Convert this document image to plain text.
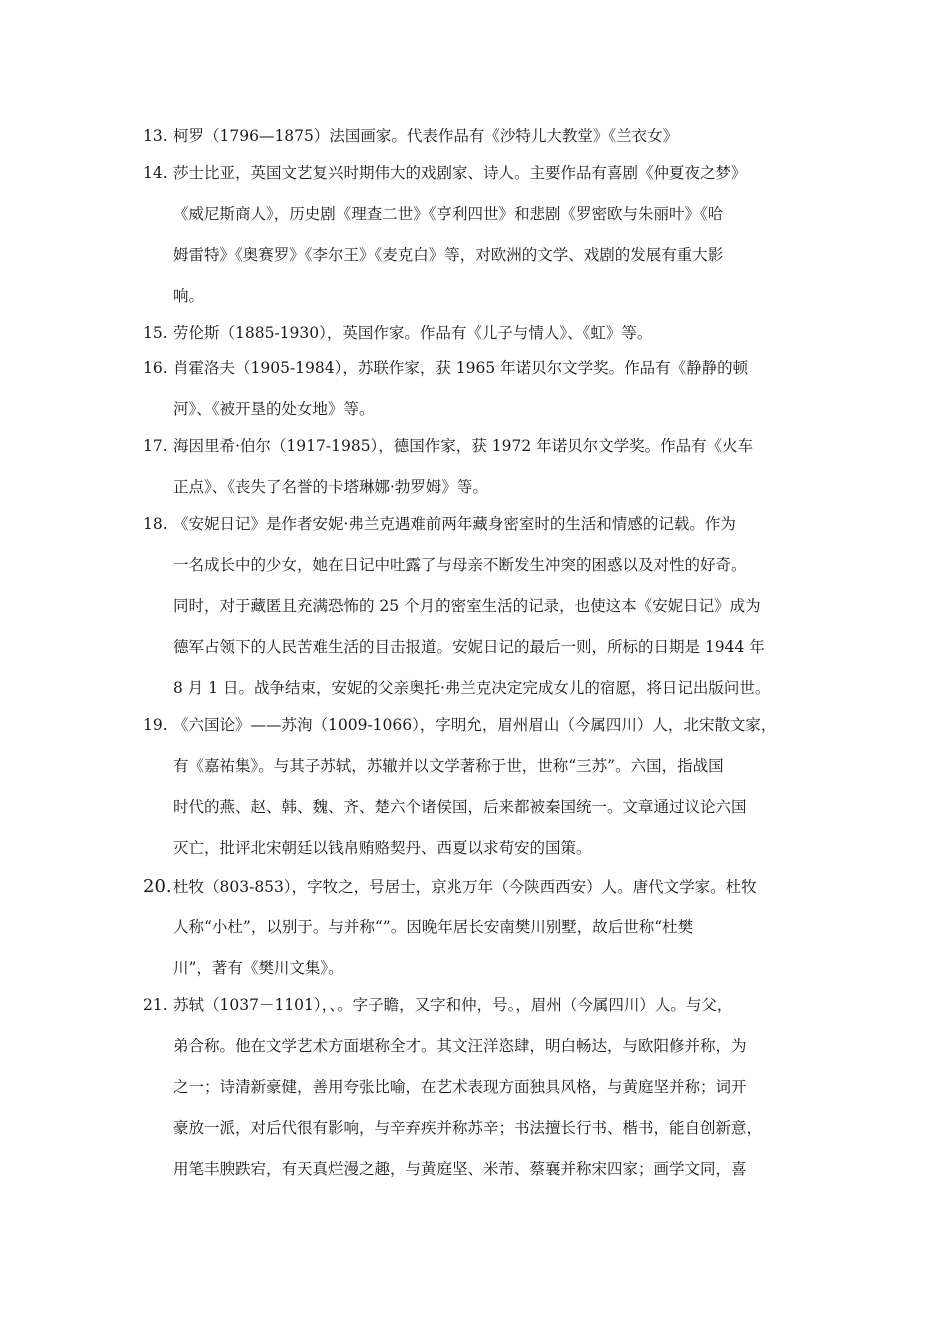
13. 柯罗（1796—1875）法国画家。代表作品有《沙特儿大教堂》《兰衣女》
14. 莎士比亚，英国文艺复兴时期伟大的戏剧家、诗人。主要作品有喜剧《仲夏夜之梦》
《威尼斯商人》，历史剧《理查二世》《亨利四世》和悲剧《罗密欧与朱丽叶》《哈
姆雷特》《奥赛罗》《李尔王》《麦克白》等，对欧洲的文学、戏剧的发展有重大影
响。
15. 劳伦斯（1885-1930），英国作家。作品有《儿子与情人》、《虹》等。
16. 肖霍洛夫（1905-1984），苏联作家，获 1965 年诺贝尔文学奖。作品有《静静的顿
河》、《被开垦的处女地》等。
17. 海因里希·伯尔（1917-1985），德国作家，获 1972 年诺贝尔文学奖。作品有《火车
正点》、《丧失了名誉的卡塔琳娜·勃罗姆》等。
18. 《安妮日记》是作者安妮·弗兰克遇难前两年藏身密室时的生活和情感的记载。作为
一名成长中的少女，她在日记中吐露了与母亲不断发生冲突的困惑以及对性的好奇。
同时，对于藏匿且充满恐怖的 25 个月的密室生活的记录，也使这本《安妮日记》成为
德军占领下的人民苦难生活的目击报道。安妮日记的最后一则，所标的日期是 1944 年
8 月 1 日。战争结束，安妮的父亲奥托·弗兰克决定完成女儿的宿愿，将日记出版问世。
19. 《六国论》——苏洵（1009-1066），字明允，眉州眉山（今属四川）人，北宋散文家，
有《嘉祐集》。与其子苏轼，苏辙并以文学著称于世，世称“三苏”。六国，指战国
时代的燕、赵、韩、魏、齐、楚六个诸侯国，后来都被秦国统一。文章通过议论六国
灭亡，批评北宋朝廷以钱帛贿赂契丹、西夏以求苟安的国策。
20. 杜牧（803-853），字牧之，号居士，京兆万年（今陕西西安）人。唐代文学家。杜牧
人称“小杜”，以别于。与并称“”。因晚年居长安南樊川别墅，故后世称“杜樊
川”，著有《樊川文集》。
21. 苏轼（1037－1101），、。字子瞻，又字和仲，号。，眉州（今属四川）人。与父，
弟合称。他在文学艺术方面堪称全才。其文汪洋恣肆，明白畅达，与欧阳修并称，为
之一；诗清新豪健，善用夸张比喻，在艺术表现方面独具风格，与黄庭坚并称；词开
豪放一派，对后代很有影响，与辛弃疾并称苏辛；书法擅长行书、楷书，能自创新意，
用笔丰腴跌宕，有天真烂漫之趣，与黄庭坚、米芾、蔡襄并称宋四家；画学文同，喜
